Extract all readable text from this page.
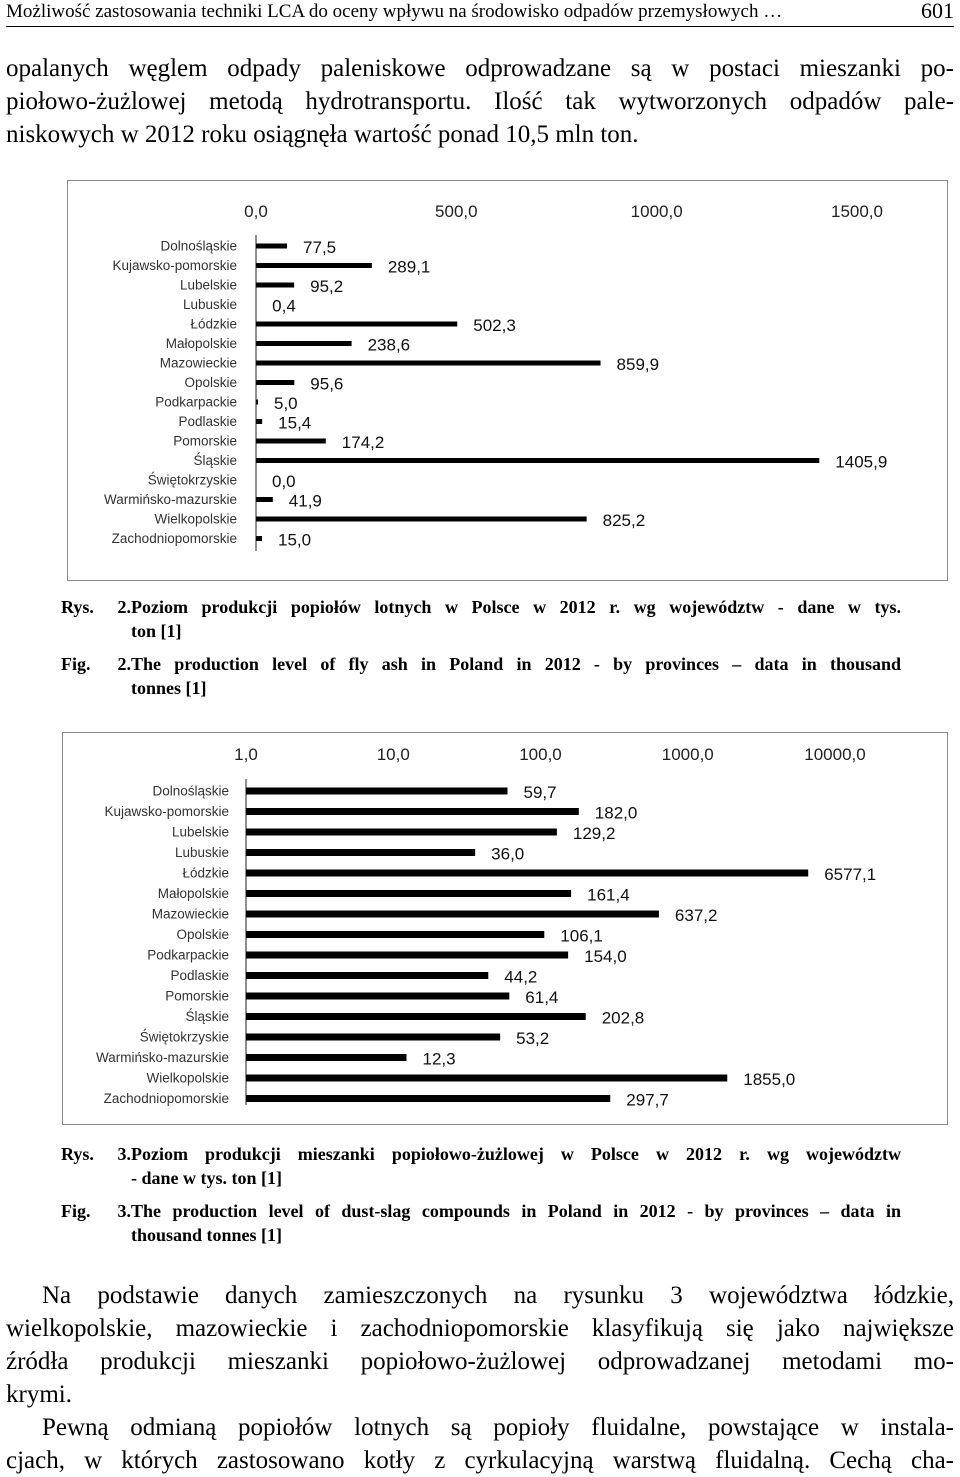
Możliwość zastosowania techniki LCA do oceny wpływu na środowisko odpadów przemysłowych …	601
opalanych węglem odpady paleniskowe odprowadzane są w postaci mieszanki po-
piołowo-żużlowej metodą hydrotransportu. Ilość tak wytworzonych odpadów pale-
niskowych w 2012 roku osiągnęła wartość ponad 10,5 mln ton.
0,0	500,0	1000,0	1500,0
Dolnośląskie	77,5
Kujawsko-pomorskie	289,1
Lubelskie	95,2
Lubuskie 0,4
Łódzkie	502,3
Małopolskie	238,6
Mazowieckie	859,9
Opolskie	95,6
Podkarpackie 5,0
Podlaskie 15,4
Pomorskie	174,2
Śląskie	1405,9
Świętokrzyskie 0,0
Warmińsko-mazurskie	41,9
Wielkopolskie	825,2
Zachodniopomorskie 15,0
Rys. 2.Poziom produkcji popiołów lotnych w Polsce w 2012 r. wg województw - dane w tys.
ton [1]
Fig. 2.The production level of fly ash in Poland in 2012 - by provinces – data in thousand
tonnes [1]
1,0	10,0	100,0	1000,0	10000,0
Dolnośląskie	59,7
Kujawsko-pomorskie	182,0
Lubelskie	129,2
Lubuskie	36,0
Łódzkie	6577,1
Małopolskie	161,4
Mazowieckie	637,2
Opolskie	106,1
Podkarpackie	154,0
Podlaskie	44,2
Pomorskie	61,4
Śląskie	202,8
Świętokrzyskie	53,2
Warmińsko-mazurskie	12,3
Wielkopolskie	1855,0
Zachodniopomorskie	297,7
Rys. 3.Poziom produkcji mieszanki popiołowo-żużlowej w Polsce w 2012 r. wg województw
- dane w tys. ton [1]
Fig. 3.The production level of dust-slag compounds in Poland in 2012 - by provinces – data in
thousand tonnes [1]
Na podstawie danych zamieszczonych na rysunku 3 województwa łódzkie,
wielkopolskie, mazowieckie i zachodniopomorskie klasyfikują się jako największe
źródła produkcji mieszanki popiołowo-żużlowej odprowadzanej metodami mo-
krymi.
Pewną odmianą popiołów lotnych są popioły fluidalne, powstające w instala-
cjach, w których zastosowano kotły z cyrkulacyjną warstwą fluidalną. Cechą cha-
